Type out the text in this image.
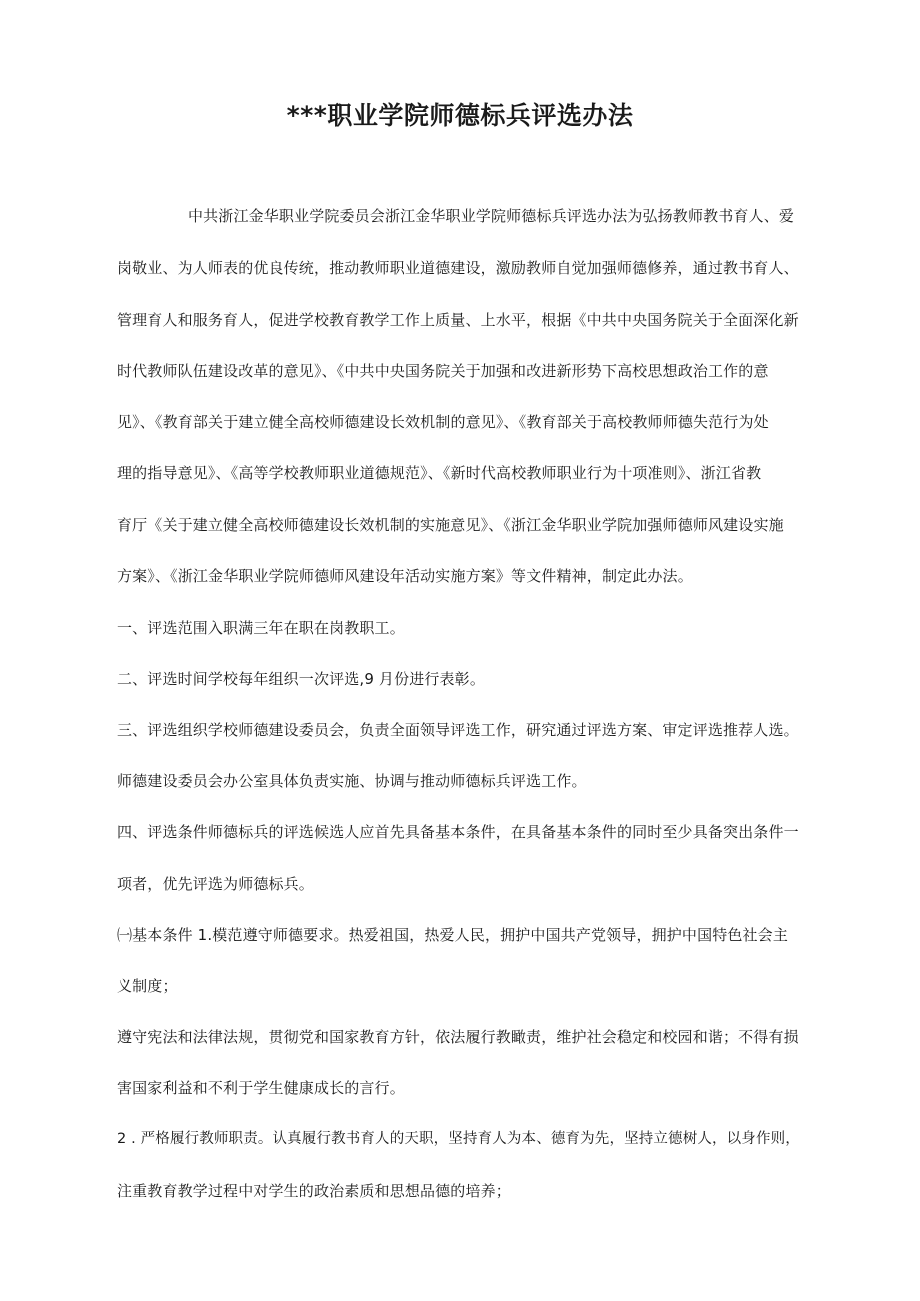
***职业学院师德标兵评选办法
中共浙江金华职业学院委员会浙江金华职业学院师德标兵评选办法为弘扬教师教书育人、爱
岗敬业、为人师表的优良传统，推动教师职业道德建设，激励教师自觉加强师德修养，通过教书育人、
管理育人和服务育人，促进学校教育教学工作上质量、上水平，根据《中共中央国务院关于全面深化新
时代教师队伍建设改革的意见》、《中共中央国务院关于加强和改进新形势下高校思想政治工作的意
见》、《教育部关于建立健全高校师德建设长效机制的意见》、《教育部关于高校教师师德失范行为处
理的指导意见》、《高等学校教师职业道德规范》、《新时代高校教师职业行为十项准则》、浙江省教
育厅《关于建立健全高校师德建设长效机制的实施意见》、《浙江金华职业学院加强师德师风建设实施
方案》、《浙江金华职业学院师德师风建设年活动实施方案》等文件精神，制定此办法。
一、评选范围入职满三年在职在岗教职工。
二、评选时间学校每年组织一次评选,9 月份进行表彰。
三、评选组织学校师德建设委员会，负责全面领导评选工作，研究通过评选方案、审定评选推荐人选。
师德建设委员会办公室具体负责实施、协调与推动师德标兵评选工作。
四、评选条件师德标兵的评选候选人应首先具备基本条件，在具备基本条件的同时至少具备突出条件一
项者，优先评选为师德标兵。
㈠基本条件 1.模范遵守师德要求。热爱祖国，热爱人民，拥护中国共产党领导，拥护中国特色社会主
义制度；
遵守宪法和法律法规，贯彻党和国家教育方针，依法履行教瞰责，维护社会稳定和校园和谐；不得有损
害国家利益和不利于学生健康成长的言行。
2 . 严格履行教师职责。认真履行教书育人的天职，坚持育人为本、德育为先，坚持立德树人，以身作则，
注重教育教学过程中对学生的政治素质和思想品德的培养；
